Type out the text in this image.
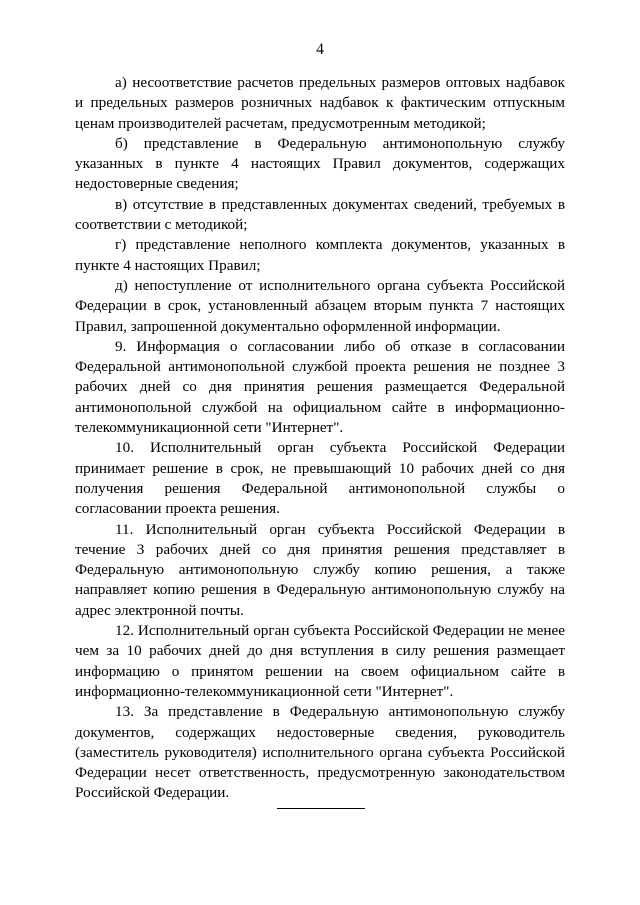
4

а) несоответствие расчетов предельных размеров оптовых надбавок и предельных размеров розничных надбавок к фактическим отпускным ценам производителей расчетам, предусмотренным методикой;

б) представление в Федеральную антимонопольную службу указанных в пункте 4 настоящих Правил документов, содержащих недостоверные сведения;

в) отсутствие в представленных документах сведений, требуемых в соответствии с методикой;

г) представление неполного комплекта документов, указанных в пункте 4 настоящих Правил;

д) непоступление от исполнительного органа субъекта Российской Федерации в срок, установленный абзацем вторым пункта 7 настоящих Правил, запрошенной документально оформленной информации.

9. Информация о согласовании либо об отказе в согласовании Федеральной антимонопольной службой проекта решения не позднее 3 рабочих дней со дня принятия решения размещается Федеральной антимонопольной службой на официальном сайте в информационно-телекоммуникационной сети "Интернет".

10. Исполнительный орган субъекта Российской Федерации принимает решение в срок, не превышающий 10 рабочих дней со дня получения решения Федеральной антимонопольной службы о согласовании проекта решения.

11. Исполнительный орган субъекта Российской Федерации в течение 3 рабочих дней со дня принятия решения представляет в Федеральную антимонопольную службу копию решения, а также направляет копию решения в Федеральную антимонопольную службу на адрес электронной почты.

12. Исполнительный орган субъекта Российской Федерации не менее чем за 10 рабочих дней до дня вступления в силу решения размещает информацию о принятом решении на своем официальном сайте в информационно-телекоммуникационной сети "Интернет".

13. За представление в Федеральную антимонопольную службу документов, содержащих недостоверные сведения, руководитель (заместитель руководителя) исполнительного органа субъекта Российской Федерации несет ответственность, предусмотренную законодательством Российской Федерации.
